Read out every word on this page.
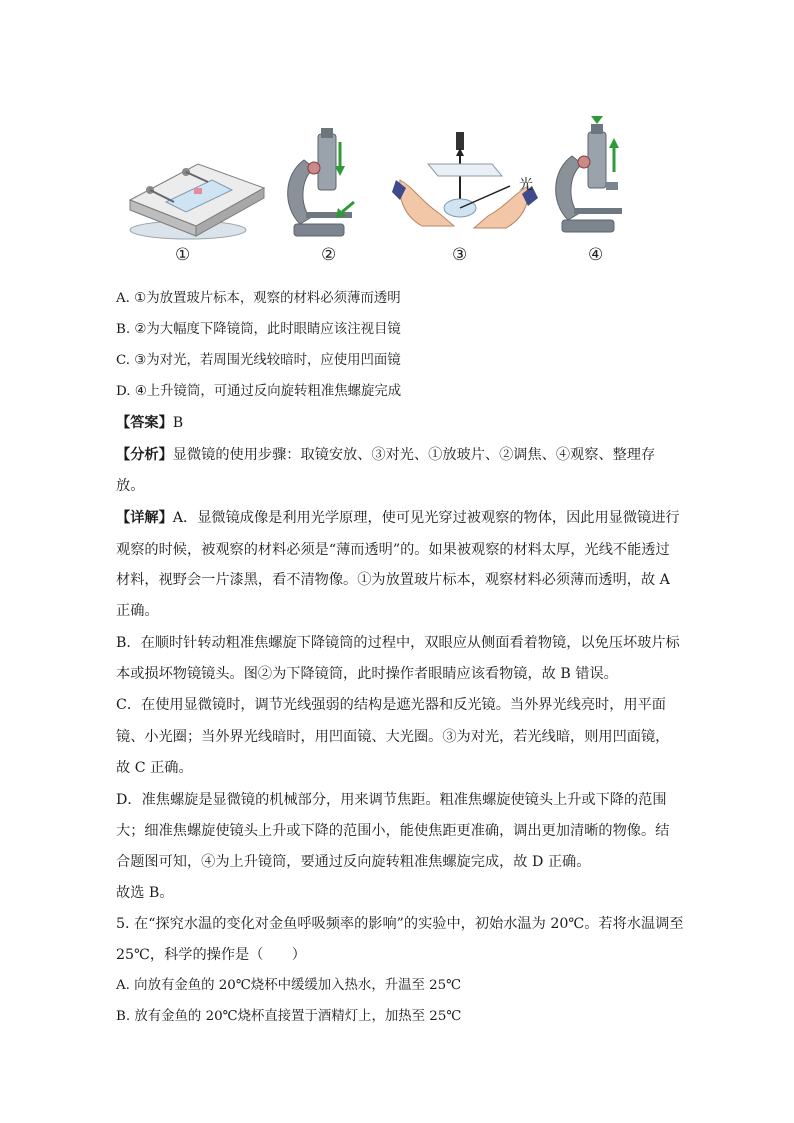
①	②
光
③	④
A. ①为放置玻片标本，观察的材料必须薄而透明
B. ②为大幅度下降镜筒，此时眼睛应该注视目镜
C. ③为对光，若周围光线较暗时，应使用凹面镜
D. ④上升镜筒，可通过反向旋转粗准焦螺旋完成
【答案】B
【分析】显微镜的使用步骤：取镜安放、③对光、①放玻片、②调焦、④观察、整理存
放。
【详解】A．显微镜成像是利用光学原理，使可见光穿过被观察的物体，因此用显微镜进行
观察的时候，被观察的材料必须是“薄而透明”的。如果被观察的材料太厚，光线不能透过
材料，视野会一片漆黑，看不清物像。①为放置玻片标本，观察材料必须薄而透明，故 A
正确。
B．在顺时针转动粗准焦螺旋下降镜筒的过程中，双眼应从侧面看着物镜，以免压坏玻片标
本或损坏物镜镜头。图②为下降镜筒，此时操作者眼睛应该看物镜，故 B 错误。
C．在使用显微镜时，调节光线强弱的结构是遮光器和反光镜。当外界光线亮时，用平面
镜、小光圈；当外界光线暗时，用凹面镜、大光圈。③为对光，若光线暗，则用凹面镜，
故 C 正确。
D．准焦螺旋是显微镜的机械部分，用来调节焦距。粗准焦螺旋使镜头上升或下降的范围
大；细准焦螺旋使镜头上升或下降的范围小，能使焦距更准确，调出更加清晰的物像。结
合题图可知，④为上升镜筒，要通过反向旋转粗准焦螺旋完成，故 D 正确。
故选 B。
5. 在“探究水温的变化对金鱼呼吸频率的影响”的实验中，初始水温为 20℃。若将水温调至
25℃，科学的操作是（　　）
A. 向放有金鱼的 20℃烧杯中缓缓加入热水，升温至 25℃
B. 放有金鱼的 20℃烧杯直接置于酒精灯上，加热至 25℃
